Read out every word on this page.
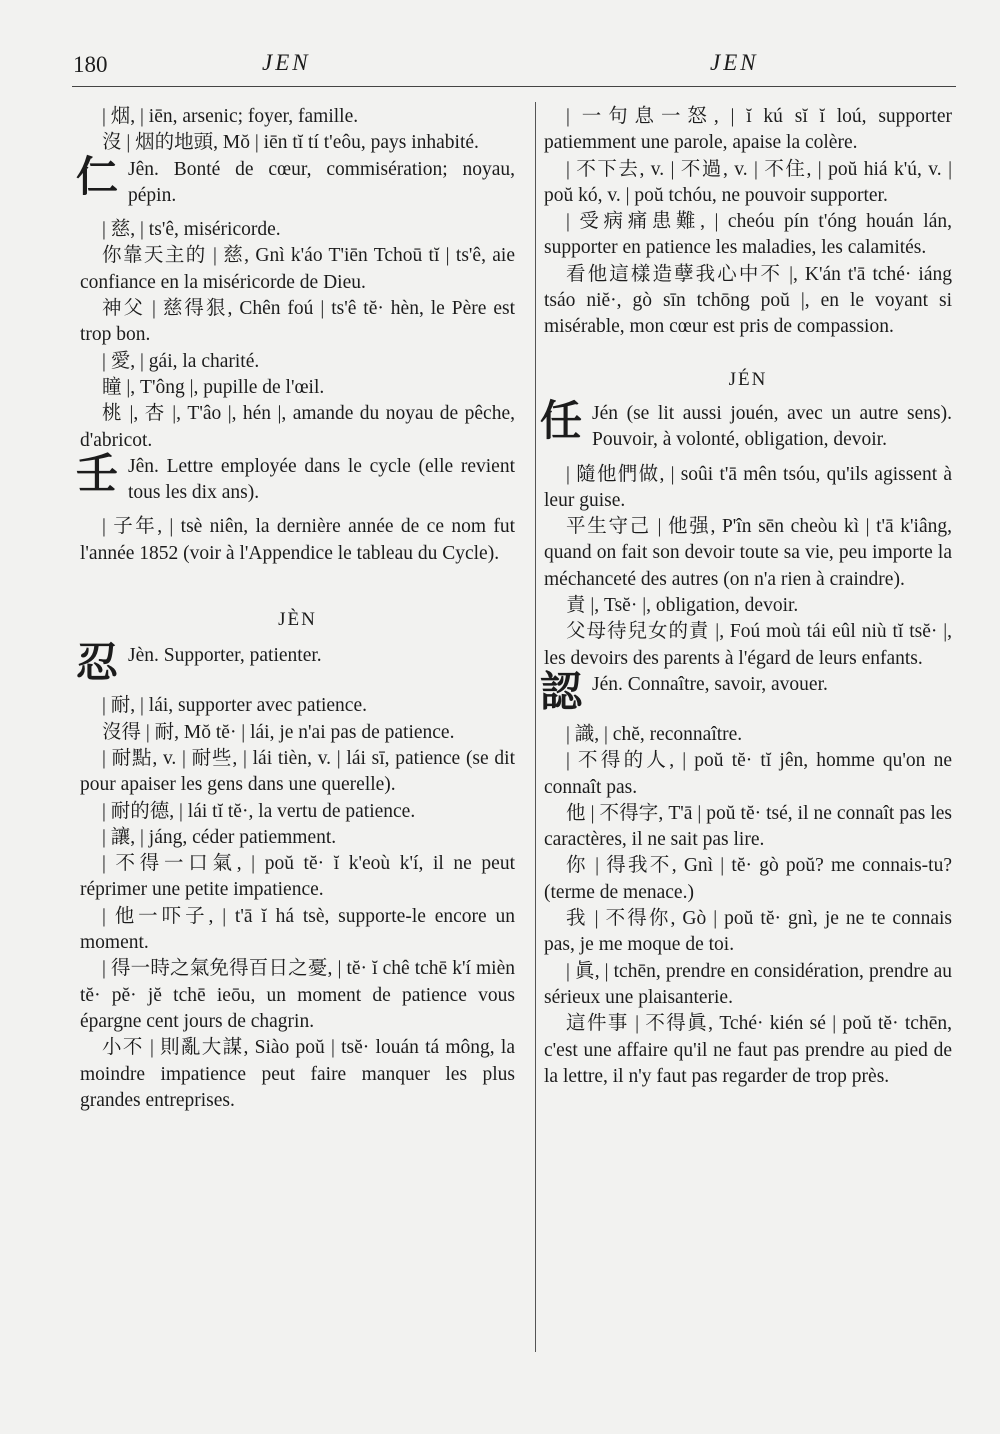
180	JEN	JEN

| 烟, | iēn, arsenic; foyer, famille.

沒 | 烟的地頭, Mŏ | iēn tĭ tí t'eôu, pays inhabité.

仁 Jên. Bonté de cœur, commisération; noyau, pépin.

| 慈, | ts'ê, miséricorde.

你靠天主的 | 慈, Gnì k'áo T'iēn Tchoū tĭ | ts'ê, aie confiance en la miséricorde de Dieu.

神父 | 慈得狠, Chên foú | ts'ê tĕ· hèn, le Père est trop bon.

| 愛, | gái, la charité.

瞳 |, T'ông |, pupille de l'œil.

桃 |, 杏 |, T'âo |, hén |, amande du noyau de pêche, d'abricot.

壬 Jên. Lettre employée dans le cycle (elle revient tous les dix ans).

| 子年, | tsè niên, la dernière année de ce nom fut l'année 1852 (voir à l'Appendice le tableau du Cycle).

JÈN

忍 Jèn. Supporter, patienter.

| 耐, | lái, supporter avec patience.

沒得 | 耐, Mŏ tĕ· | lái, je n'ai pas de patience.

| 耐點, v. | 耐些, | lái tièn, v. | lái sī, patience (se dit pour apaiser les gens dans une querelle).

| 耐的德, | lái tĭ tĕ·, la vertu de patience.

| 讓, | jáng, céder patiemment.

| 不得一口氣, | poŭ tĕ· ĭ k'eoù k'í, il ne peut réprimer une petite impatience.

| 他一吓子, | t'ā ĭ há tsè, supporte-le encore un moment.

| 得一時之氣免得百日之憂, | tĕ· ĭ chê tchē k'í mièn tĕ· pĕ· jĕ tchē ieōu, un moment de patience vous épargne cent jours de chagrin.

小不 | 則亂大謀, Siào poŭ | tsĕ· louán tá mông, la moindre impatience peut faire manquer les plus grandes entreprises.

| 一句息一怒, | ĭ kú sĭ ĭ loú, supporter patiemment une parole, apaise la colère.

| 不下去, v. | 不過, v. | 不住, | poŭ hiá k'ú, v. | poŭ kó, v. | poŭ tchóu, ne pouvoir supporter.

| 受病痛患難, | cheóu pín t'óng houán lán, supporter en patience les maladies, les calamités.

看他這樣造孽我心中不 |, K'án t'ā tché· iáng tsáo niĕ·, gò sīn tchōng poŭ |, en le voyant si misérable, mon cœur est pris de compassion.

JÉN

任 Jén (se lit aussi jouén, avec un autre sens). Pouvoir, à volonté, obligation, devoir.

| 隨他們做, | soûi t'ā mên tsóu, qu'ils agissent à leur guise.

平生守己 | 他强, P'în sēn cheòu kì | t'ā k'iâng, quand on fait son devoir toute sa vie, peu importe la méchanceté des autres (on n'a rien à craindre).

責 |, Tsĕ· |, obligation, devoir.

父母待兒女的責 |, Foú moù tái eûl niù tĭ tsĕ· |, les devoirs des parents à l'égard de leurs enfants.

認 Jén. Connaître, savoir, avouer.

| 識, | chĕ, reconnaître.

| 不得的人, | poŭ tĕ· tĭ jên, homme qu'on ne connaît pas.

他 | 不得字, T'ā | poŭ tĕ· tsé, il ne connaît pas les caractères, il ne sait pas lire.

你 | 得我不, Gnì | tĕ· gò poŭ? me connais-tu? (terme de menace.)

我 | 不得你, Gò | poŭ tĕ· gnì, je ne te connais pas, je me moque de toi.

| 眞, | tchēn, prendre en considération, prendre au sérieux une plaisanterie.

這件事 | 不得眞, Tché· kién sé | poŭ tĕ· tchēn, c'est une affaire qu'il ne faut pas prendre au pied de la lettre, il n'y faut pas regarder de trop près.
